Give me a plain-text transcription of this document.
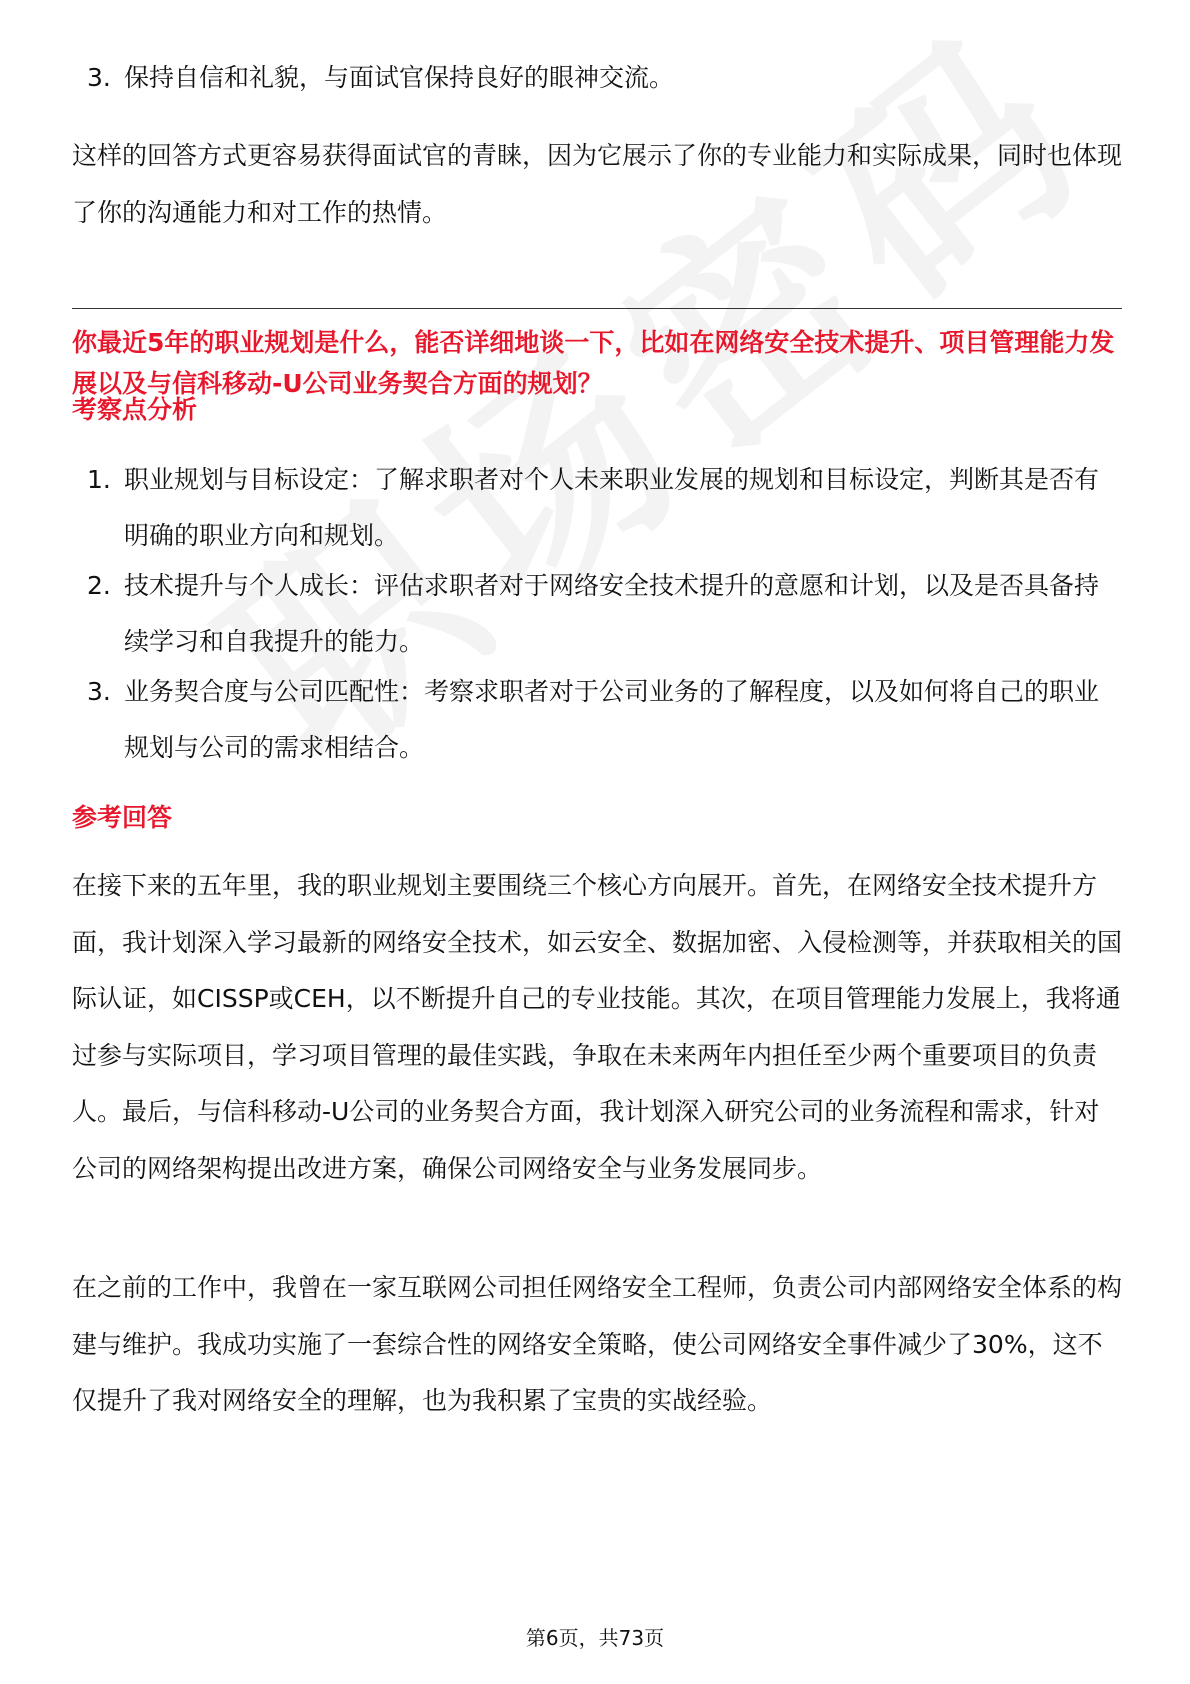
3. 保持自信和礼貌，与面试官保持良好的眼神交流。
这样的回答方式更容易获得面试官的青睐，因为它展示了你的专业能力和实际成果，同时也体现了你的沟通能力和对工作的热情。
你最近5年的职业规划是什么，能否详细地谈一下，比如在网络安全技术提升、项目管理能力发展以及与信科移动-U公司业务契合方面的规划？
考察点分析
1. 职业规划与目标设定：了解求职者对个人未来职业发展的规划和目标设定，判断其是否有明确的职业方向和规划。
2. 技术提升与个人成长：评估求职者对于网络安全技术提升的意愿和计划，以及是否具备持续学习和自我提升的能力。
3. 业务契合度与公司匹配性：考察求职者对于公司业务的了解程度，以及如何将自己的职业规划与公司的需求相结合。
参考回答
在接下来的五年里，我的职业规划主要围绕三个核心方向展开。首先，在网络安全技术提升方面，我计划深入学习最新的网络安全技术，如云安全、数据加密、入侵检测等，并获取相关的国际认证，如CISSP或CEH，以不断提升自己的专业技能。其次，在项目管理能力发展上，我将通过参与实际项目，学习项目管理的最佳实践，争取在未来两年内担任至少两个重要项目的负责人。最后，与信科移动-U公司的业务契合方面，我计划深入研究公司的业务流程和需求，针对公司的网络架构提出改进方案，确保公司网络安全与业务发展同步。
在之前的工作中，我曾在一家互联网公司担任网络安全工程师，负责公司内部网络安全体系的构建与维护。我成功实施了一套综合性的网络安全策略，使公司网络安全事件减少了30%，这不仅提升了我对网络安全的理解，也为我积累了宝贵的实战经验。
第6页，共73页
